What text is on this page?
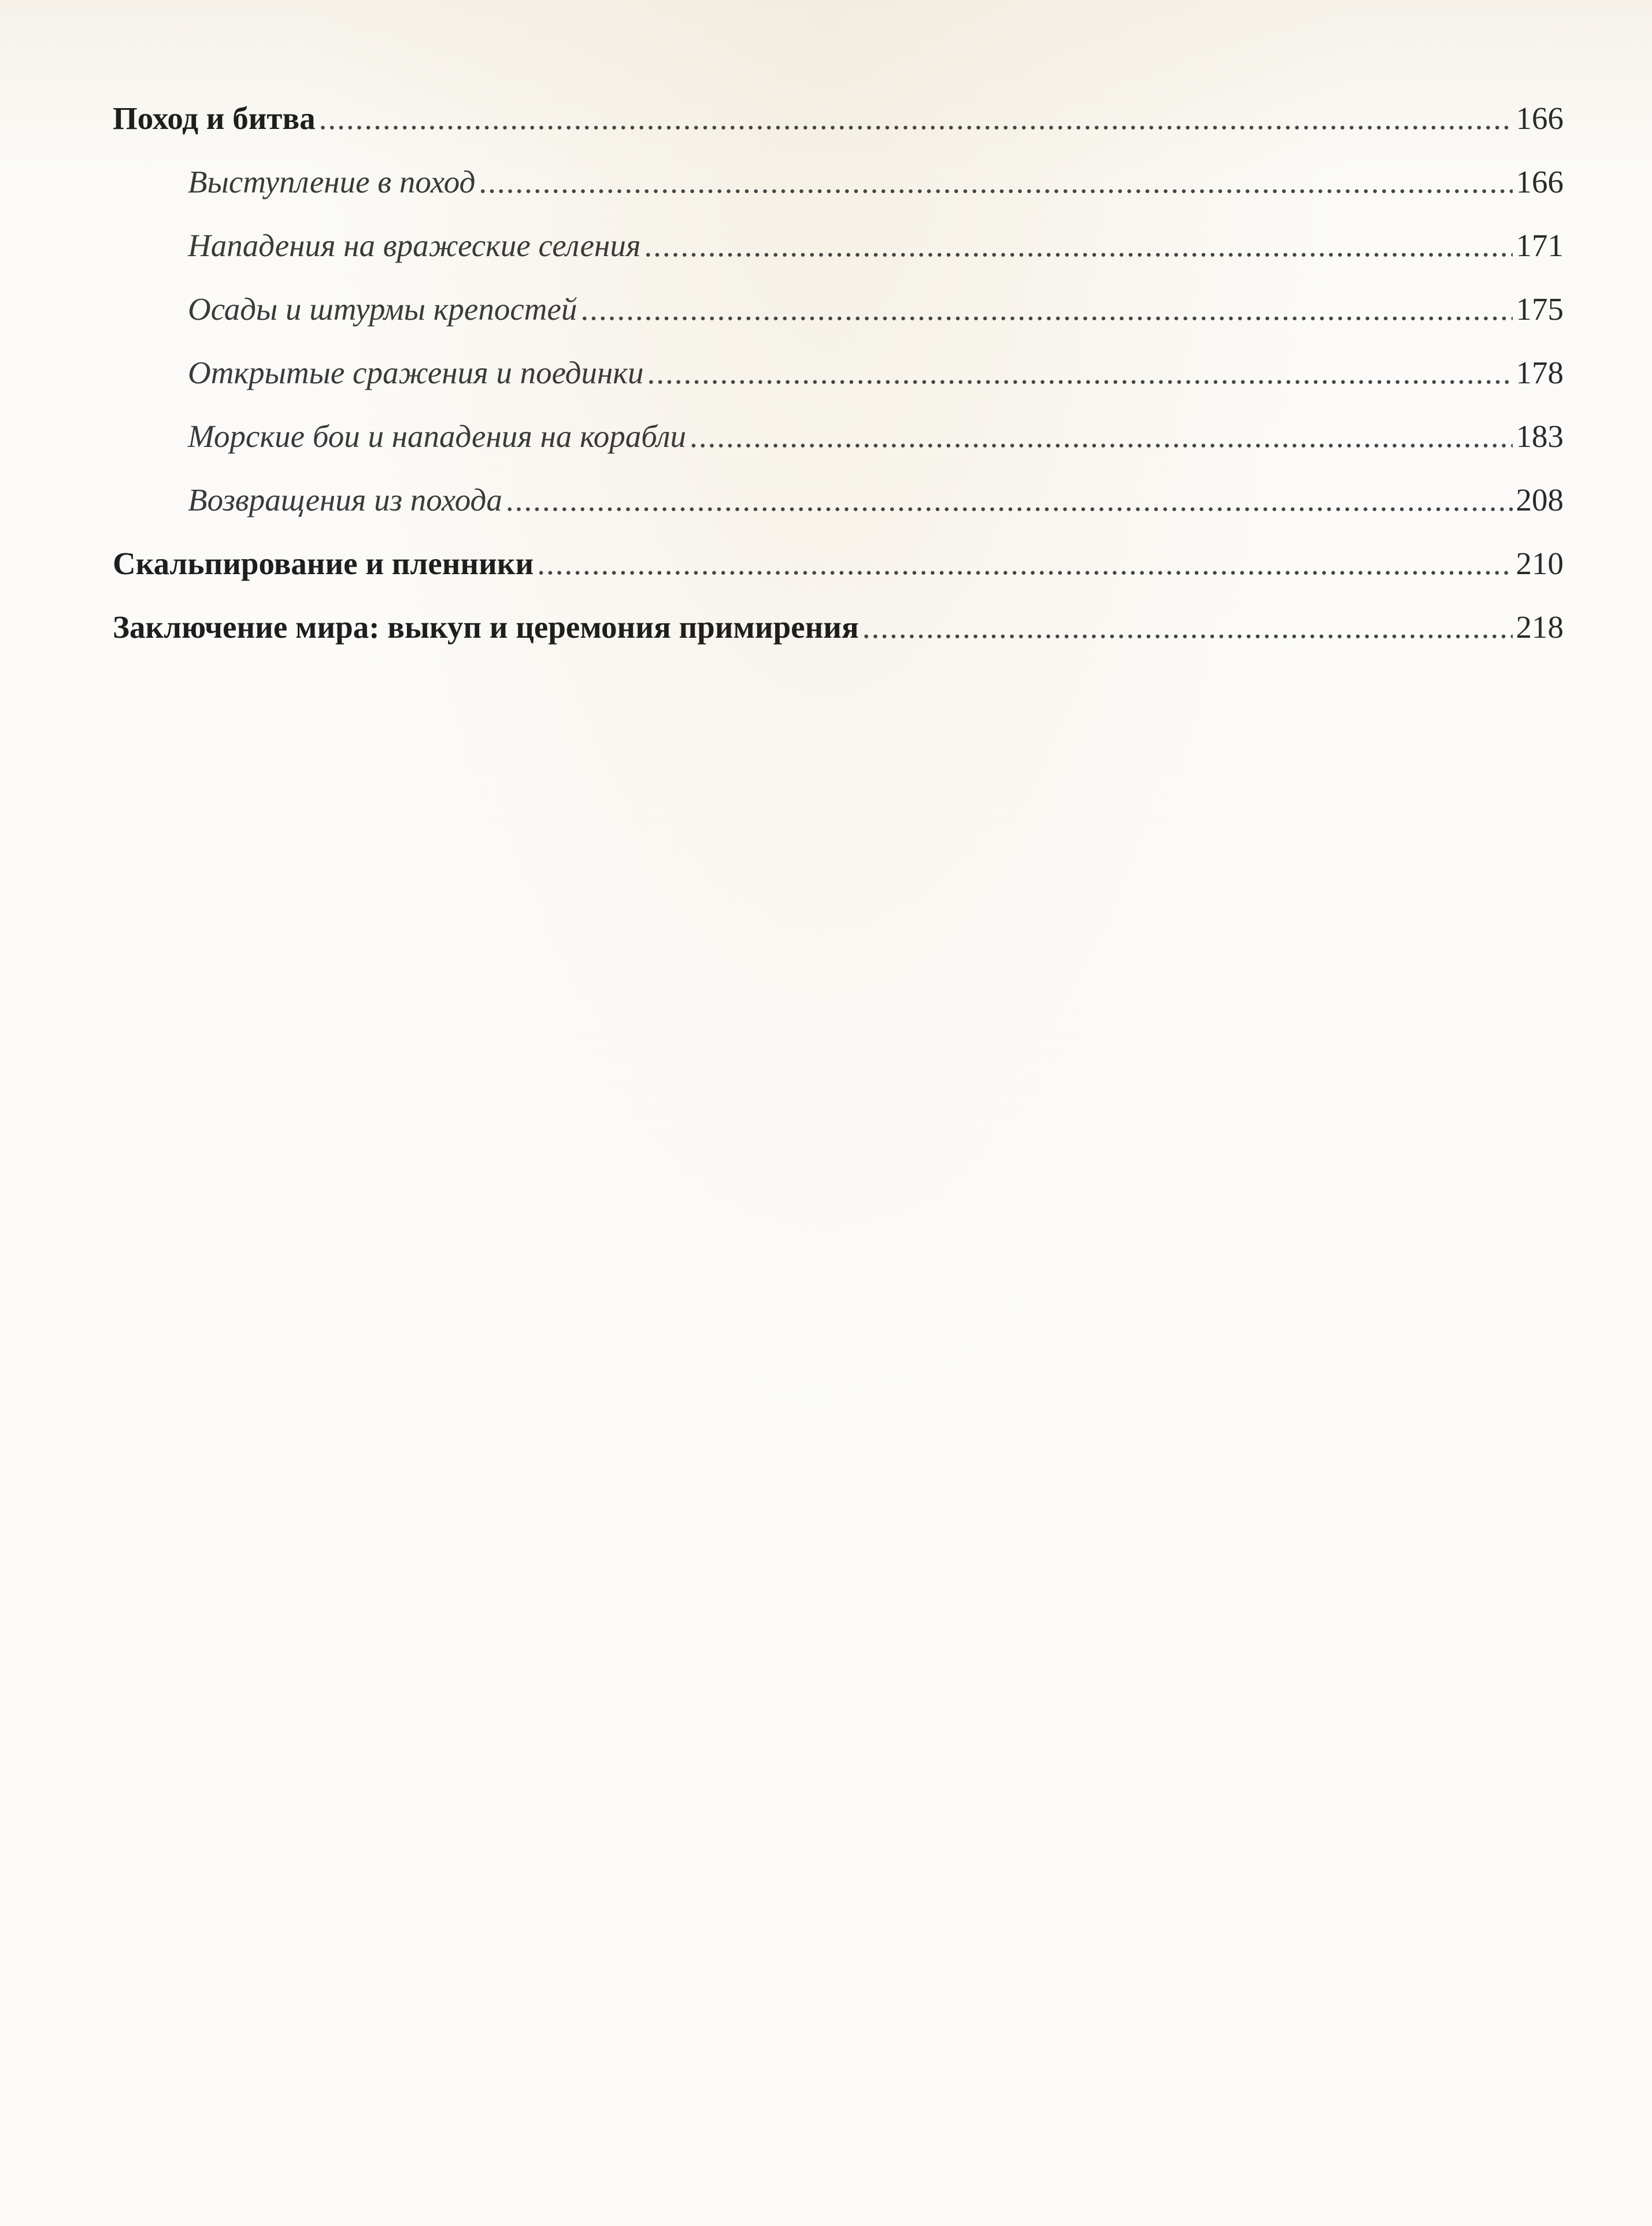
Поход и битва .....	166
Выступление в поход .....	166
Нападения на вражеские селения .....	171
Осады и штурмы крепостей .....	175
Открытые сражения и поединки .....	178
Морские бои и нападения на корабли .....	183
Возвращения из похода .....	208
Скальпирование и пленники .....	210
Заключение мира: выкуп и церемония примирения .....	218
